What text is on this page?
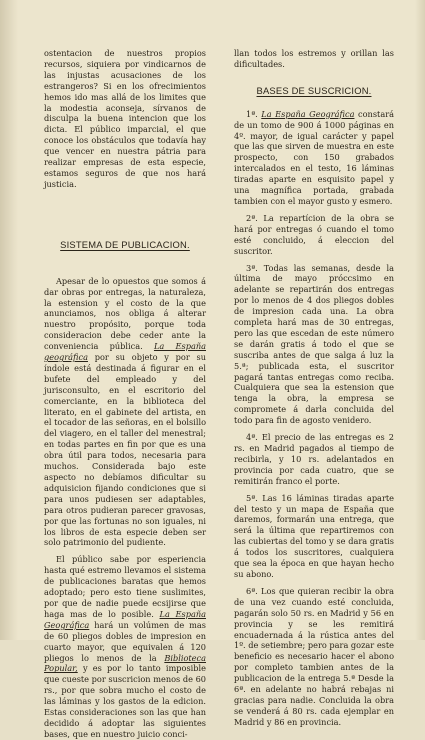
ostentacion de nuestros propios recursos, siquiera por vindicarnos de las injustas acusaciones de los estrangeros? Si en los ofrecimientos hemos ido mas allá de los limites que la modestia aconseja, sírvanos de disculpa la buena intencion que los dicta. El público imparcial, el que conoce los obstáculos que todavía hay que vencer en nuestra pátria para realizar empresas de esta especie, estamos seguros de que nos hará justicia.

SISTEMA DE PUBLICACION.

Apesar de lo opuestos que somos á dar obras por entregas, la naturaleza, la estension y el costo de la que anunciamos, nos obliga á alterar nuestro propósito, porque toda consideracion debe ceder ante la conveniencia pública. La España geográfica por su objeto y por su índole está destinada á figurar en el bufete del empleado y del jurisconsulto, en el escritorio del comerciante, en la biblioteca del literato, en el gabinete del artista, en el tocador de las señoras, en el bolsillo del viagero, en el taller del menestral; en todas partes en fin por que es una obra útil para todos, necesaria para muchos. Considerada bajo este aspecto no debíamos dificultar su adquisicion fijando condiciones que si para unos pudiesen ser adaptables, para otros pudieran parecer gravosas, por que las fortunas no son iguales, ni los libros de esta especie deben ser solo patrimonio del pudiente.

El público sabe por esperiencia hasta qué estremo llevamos el sistema de publicaciones baratas que hemos adoptado; pero esto tiene suslimites, por que de nadie puede ecsijirse que haga mas de lo posible. La España Geográfica hará un volúmen de mas de 60 pliegos dobles de impresion en cuarto mayor, que equivalen á 120 pliegos lo menos de la Biblioteca Popular, y es por lo tanto imposible que cueste por suscricion menos de 60 rs., por que sobra mucho el costo de las láminas y los gastos de la edicion. Estas consideraciones son las que han decidido á adoptar las siguientes bases, que en nuestro juicio conci-

llan todos los estremos y orillan las dificultades.

BASES DE SUSCRICION.

1ª. La España Geográfica constará de un tomo de 900 á 1000 páginas en 4º. mayor, de igual carácter y papel que las que sirven de muestra en este prospecto, con 150 grabados intercalados en el testo, 16 láminas tiradas aparte en esquisito papel y una magnífica portada, grabada tambien con el mayor gusto y esmero.

2ª. La repartícion de la obra se hará por entregas ó cuando el tomo esté concluido, á eleccion del suscritor.

3ª. Todas las semanas, desde la última de mayo próccsimo en adelante se repartirán dos entregas por lo menos de 4 dos pliegos dobles de impresion cada una. La obra completa hará mas de 30 entregas, pero las que escedan de este número se darán gratis á todo el que se suscriba antes de que salga á luz la 5.ª; publicada esta, el suscritor pagará tantas entregas como reciba. Cualquiera que sea la estension que tenga la obra, la empresa se compromete á darla concluida del todo para fin de agosto venidero.

4ª. El precio de las entregas es 2 rs. en Madrid pagados al tiempo de recibirla, y 10 rs. adelantados en provincia por cada cuatro, que se remitirán franco el porte.

5ª. Las 16 láminas tiradas aparte del testo y un mapa de España que daremos, formarán una entrega, que será la última que repartiremos con las cubiertas del tomo y se dara gratis á todos los suscritores, cualquiera que sea la época en que hayan hecho su abono.

6ª. Los que quieran recibir la obra de una vez cuando esté concluida, pagarán solo 50 rs. en Madrid y 56 en provincia y se les remitirá encuadernada á la rústica antes del 1º. de setiembre; pero para gozar este beneficio es necesario hacer el abono por completo tambien antes de la publicacion de la entrega 5.ª Desde la 6ª. en adelante no habrá rebajas ni gracias para nadie. Concluida la obra se venderá á 80 rs. cada ejemplar en Madrid y 86 en provincia.
